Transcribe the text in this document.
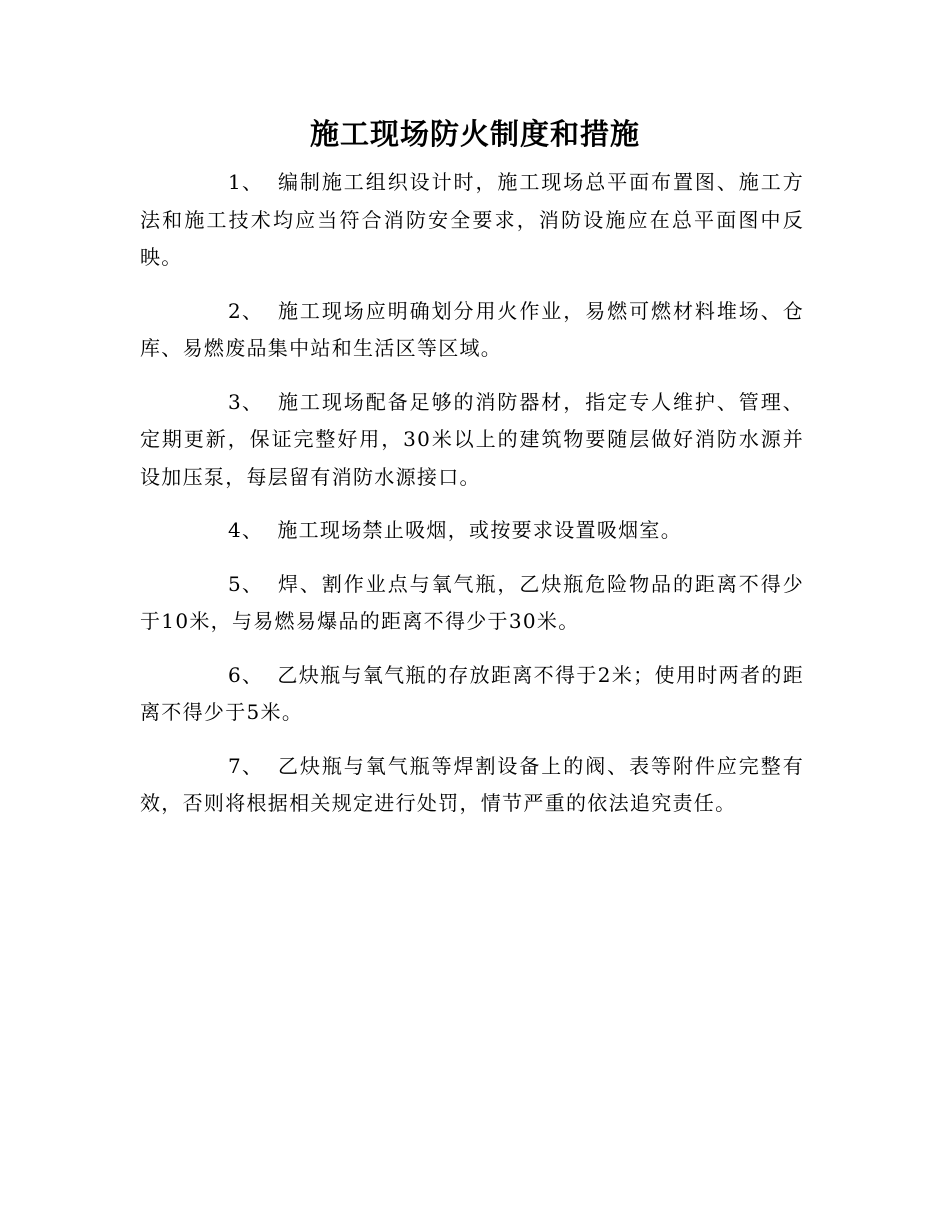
施工现场防火制度和措施

1、 编制施工组织设计时，施工现场总平面布置图、施工方法和施工技术均应当符合消防安全要求，消防设施应在总平面图中反映。

2、 施工现场应明确划分用火作业，易燃可燃材料堆场、仓库、易燃废品集中站和生活区等区域。

3、 施工现场配备足够的消防器材，指定专人维护、管理、定期更新，保证完整好用，30米以上的建筑物要随层做好消防水源并设加压泵，每层留有消防水源接口。

4、 施工现场禁止吸烟，或按要求设置吸烟室。

5、 焊、割作业点与氧气瓶，乙炔瓶危险物品的距离不得少于10米，与易燃易爆品的距离不得少于30米。

6、 乙炔瓶与氧气瓶的存放距离不得于2米；使用时两者的距离不得少于5米。

7、 乙炔瓶与氧气瓶等焊割设备上的阀、表等附件应完整有效，否则将根据相关规定进行处罚，情节严重的依法追究责任。
